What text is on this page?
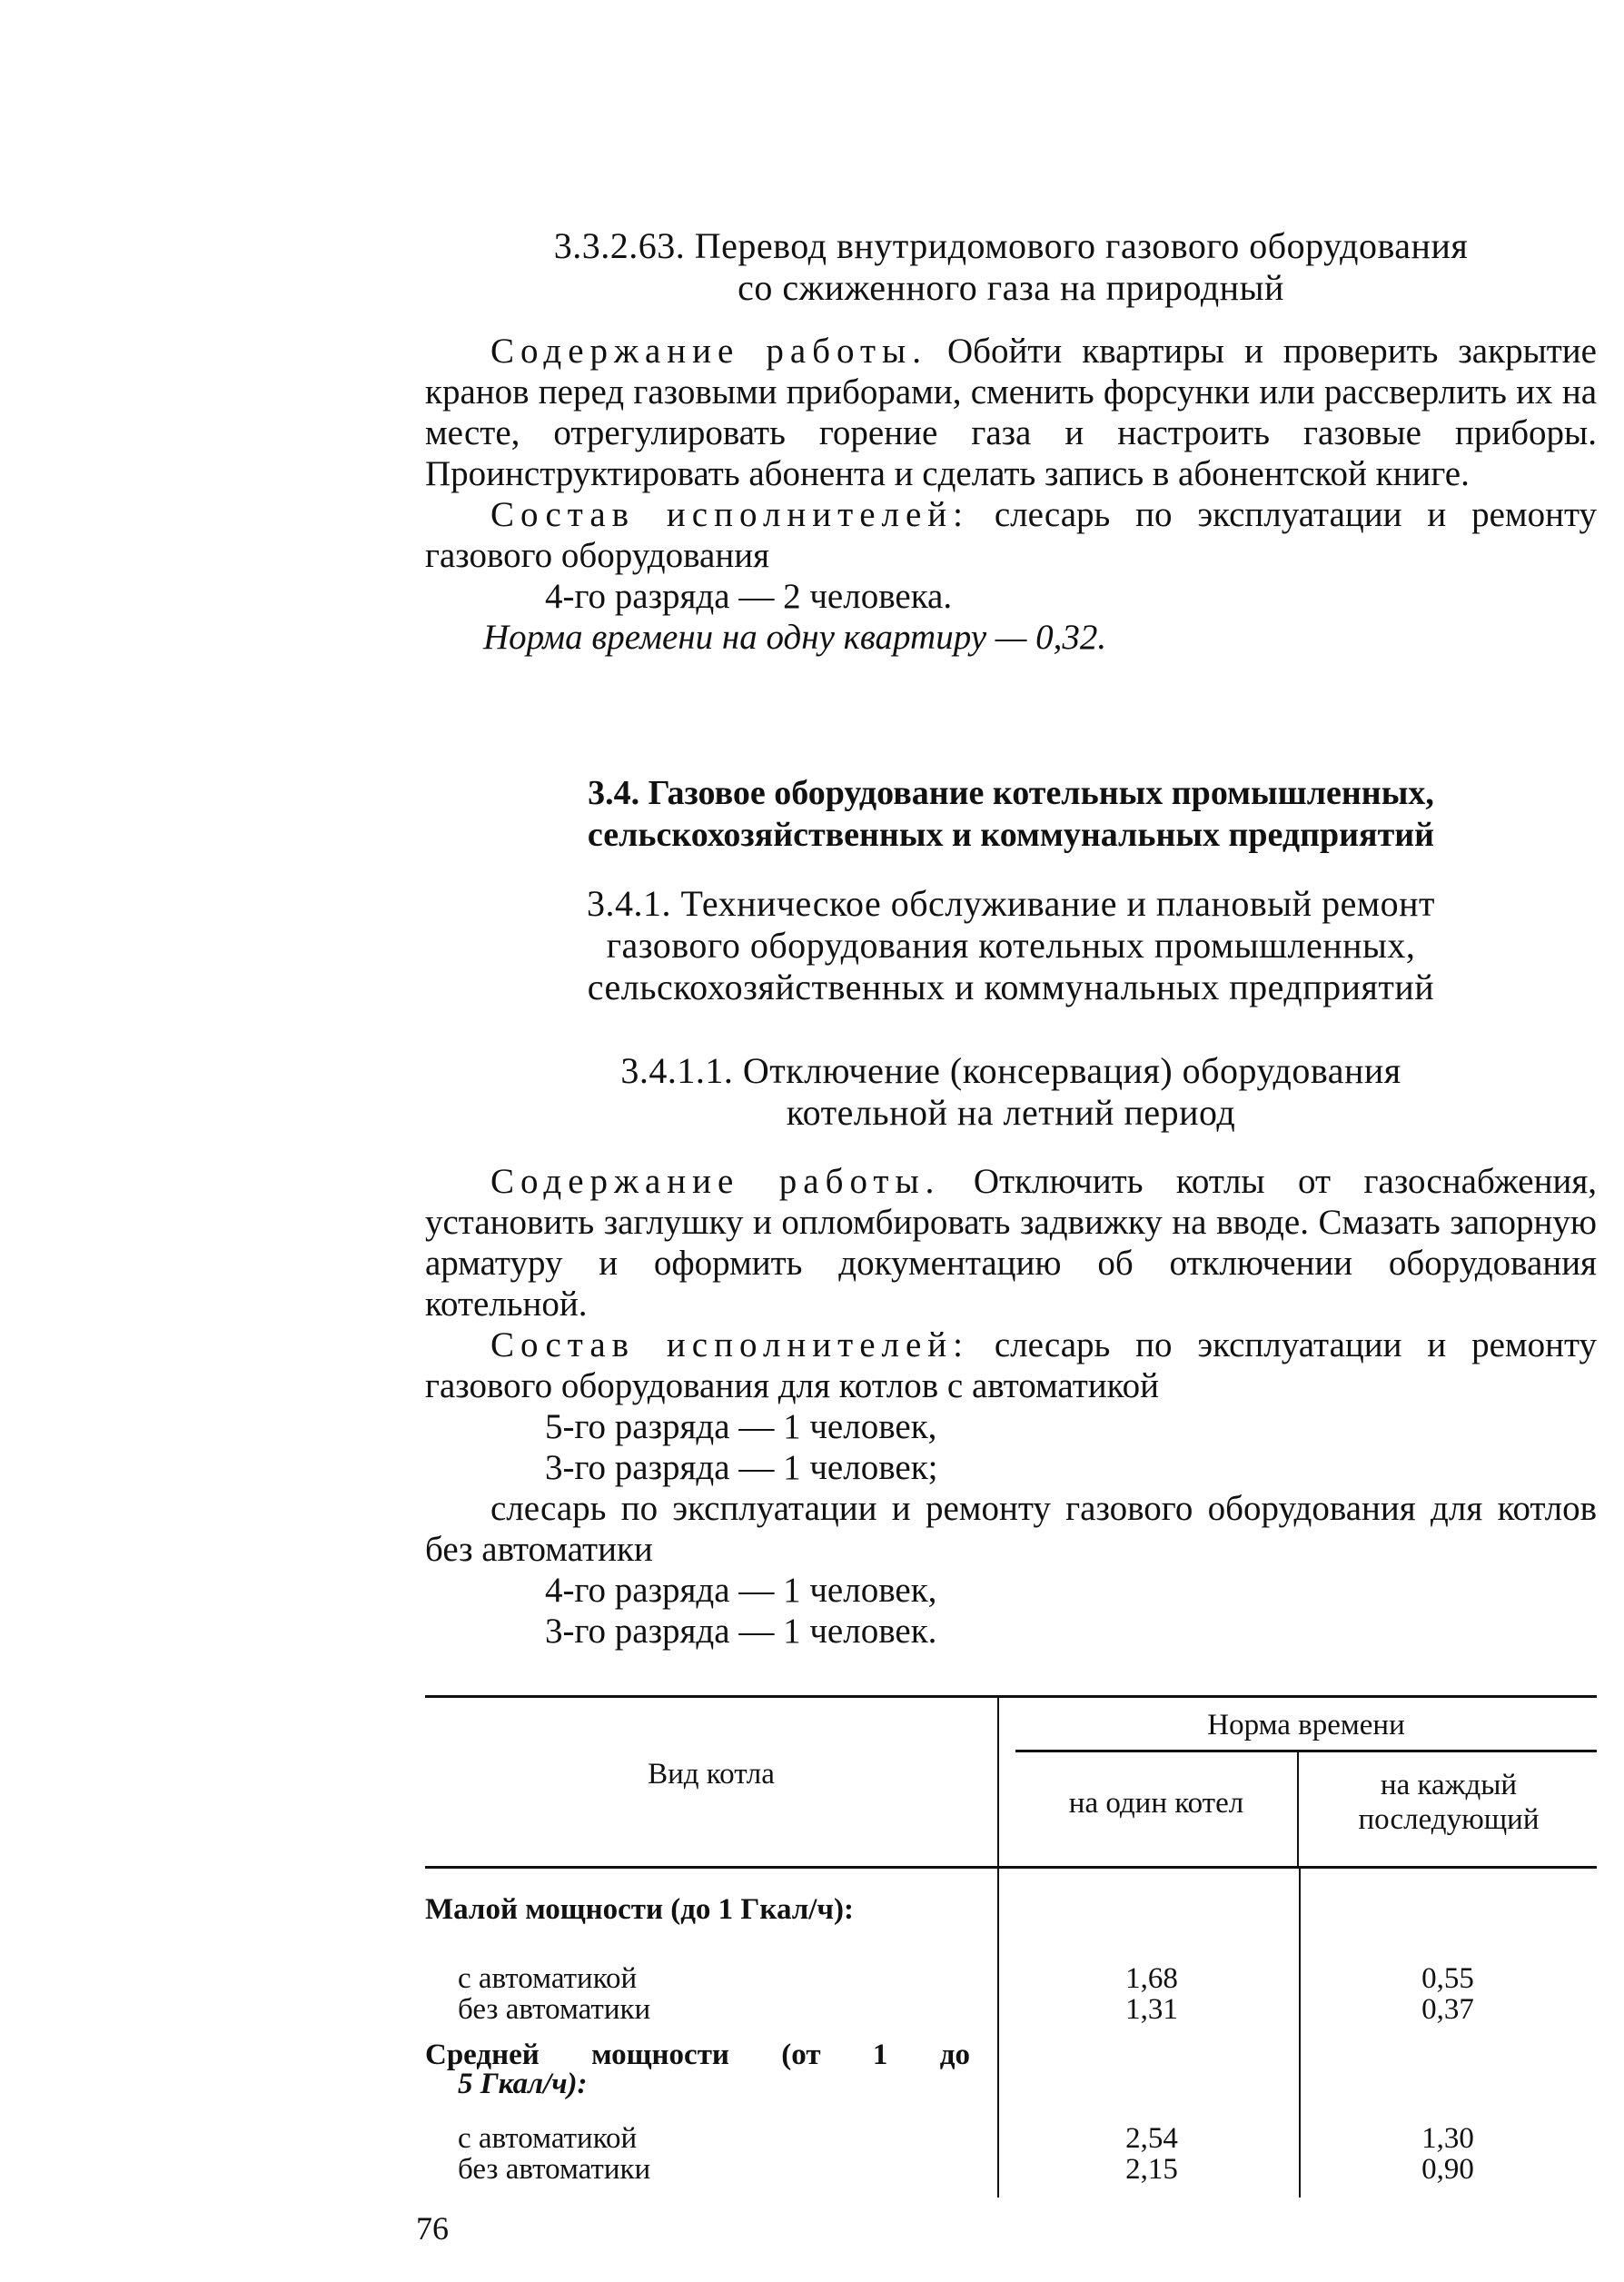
3.3.2.63. Перевод внутридомового газового оборудования
со сжиженного газа на природный

Содержание работы. Обойти квартиры и проверить закрытие кранов перед газовыми приборами, сменить форсунки или рассверлить их на месте, отрегулировать горение газа и настроить газовые приборы. Проинструктировать абонента и сделать запись в абонентской книге.

Состав исполнителей: слесарь по эксплуатации и ремонту газового оборудования

4-го разряда — 2 человека.

Норма времени на одну квартиру — 0,32.

3.4. Газовое оборудование котельных промышленных,
сельскохозяйственных и коммунальных предприятий
3.4.1. Техническое обслуживание и плановый ремонт
газового оборудования котельных промышленных,
сельскохозяйственных и коммунальных предприятий
3.4.1.1. Отключение (консервация) оборудования
котельной на летний период

Содержание работы. Отключить котлы от газоснабжения, установить заглушку и опломбировать задвижку на вводе. Смазать запорную арматуру и оформить документацию об отключении оборудования котельной.

Состав исполнителей: слесарь по эксплуатации и ремонту газового оборудования для котлов с автоматикой

5-го разряда — 1 человек,

3-го разряда — 1 человек;

слесарь по эксплуатации и ремонту газового оборудования для котлов без автоматики

4-го разряда — 1 человек,

3-го разряда — 1 человек.

Вид котла
Норма времени
на один котел
на каждый
последующий
Малой мощности (до 1 Гкал/ч):
с автоматикой	1,68	0,55
без автоматики	1,31	0,37
Средней мощности (от 1 до
5 Гкал/ч):
с автоматикой	2,54	1,30
без автоматики	2,15	0,90
76
